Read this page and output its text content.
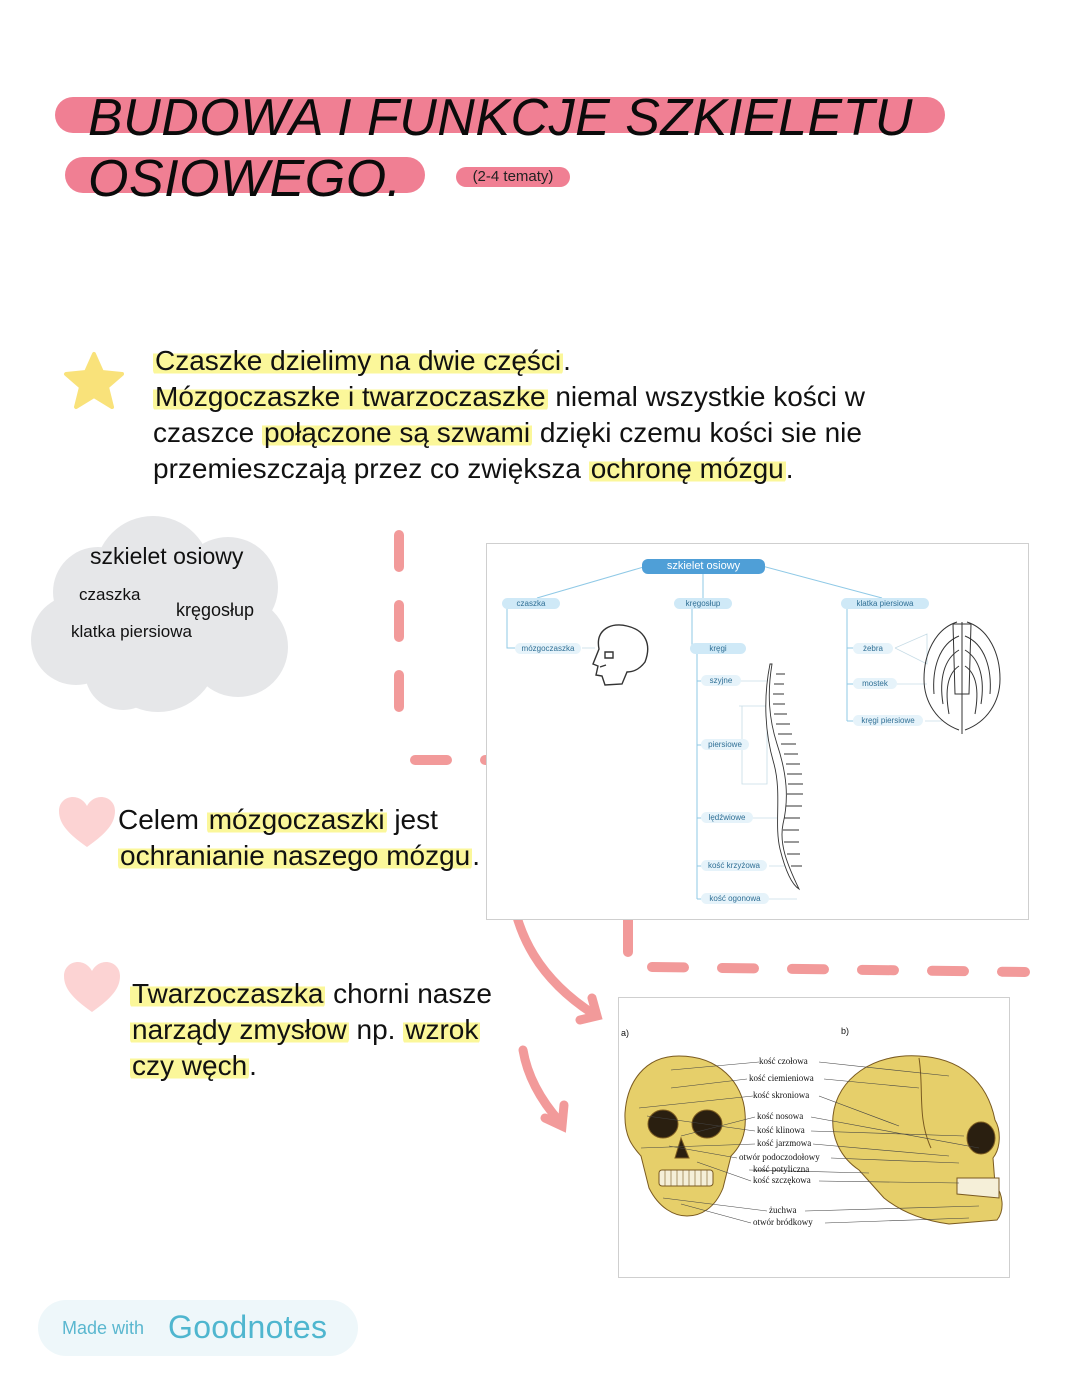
BUDOWA I FUNKCJE SZKIELETU
OSIOWEGO.	(2-4 tematy)
Czaszke dzielimy na dwie części.
Mózgoczaszke i twarzoczaszke niemal wszystkie kości w
czaszce połączone są szwami dzięki czemu kości sie nie
przemieszczają przez co zwiększa ochronę mózgu.
szkielet osiowy
czaszka
kręgosłup
klatka piersiowa
szkielet osiowy
czaszka	kręgosłup	klatka piersiowa
mózgoczaszka	kręgi
szyjne
piersiowe
lędźwiowe
kość krzyżowa
kość ogonowa
żebra
mostek
kręgi piersiowe
Celem mózgoczaszki jest
ochranianie naszego mózgu.
Twarzoczaszka chorni nasze
narządy zmysłow np. wzrok
czy węch.
a)	b)
kość czołowa
kość ciemieniowa
kość skroniowa
kość nosowa
kość klinowa
kość jarzmowa
otwór podoczodołowy
kość potyliczna
kość szczękowa
żuchwa
otwór bródkowy
Made with Goodnotes
